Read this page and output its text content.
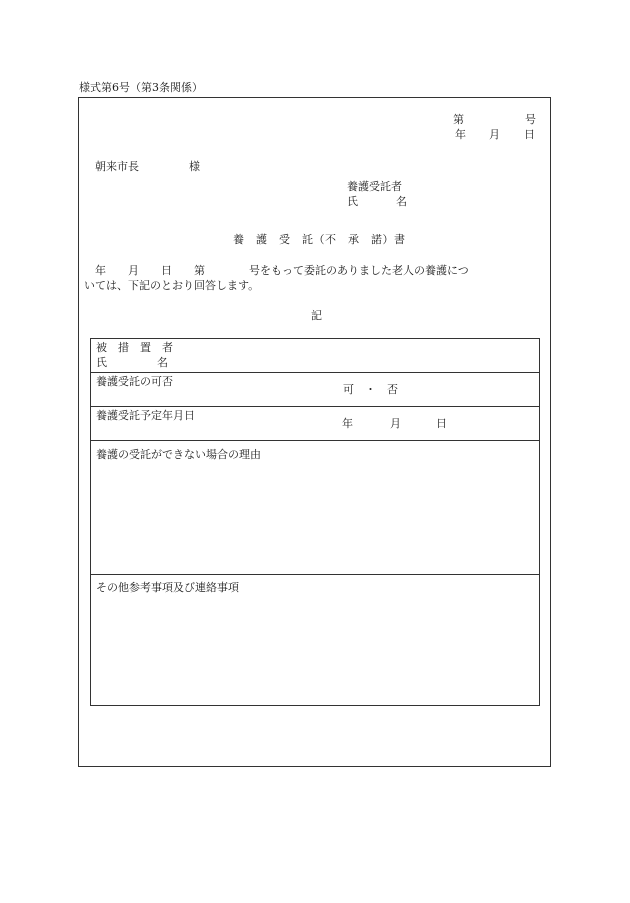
様式第6号（第3条関係）
第	号
年 月 日
朝来市長	様
養護受託者
氏	名
養　護　受　託（不　承　諾）書
年　　月　　日　　第　　　　号をもって委託のありました老人の養護につ
いては、下記のとおり回答します。
記
被　措　置　者
氏	名
養護受託の可否
可　・　否
養護受託予定年月日
年	月	日
養護の受託ができない場合の理由
その他参考事項及び連絡事項
